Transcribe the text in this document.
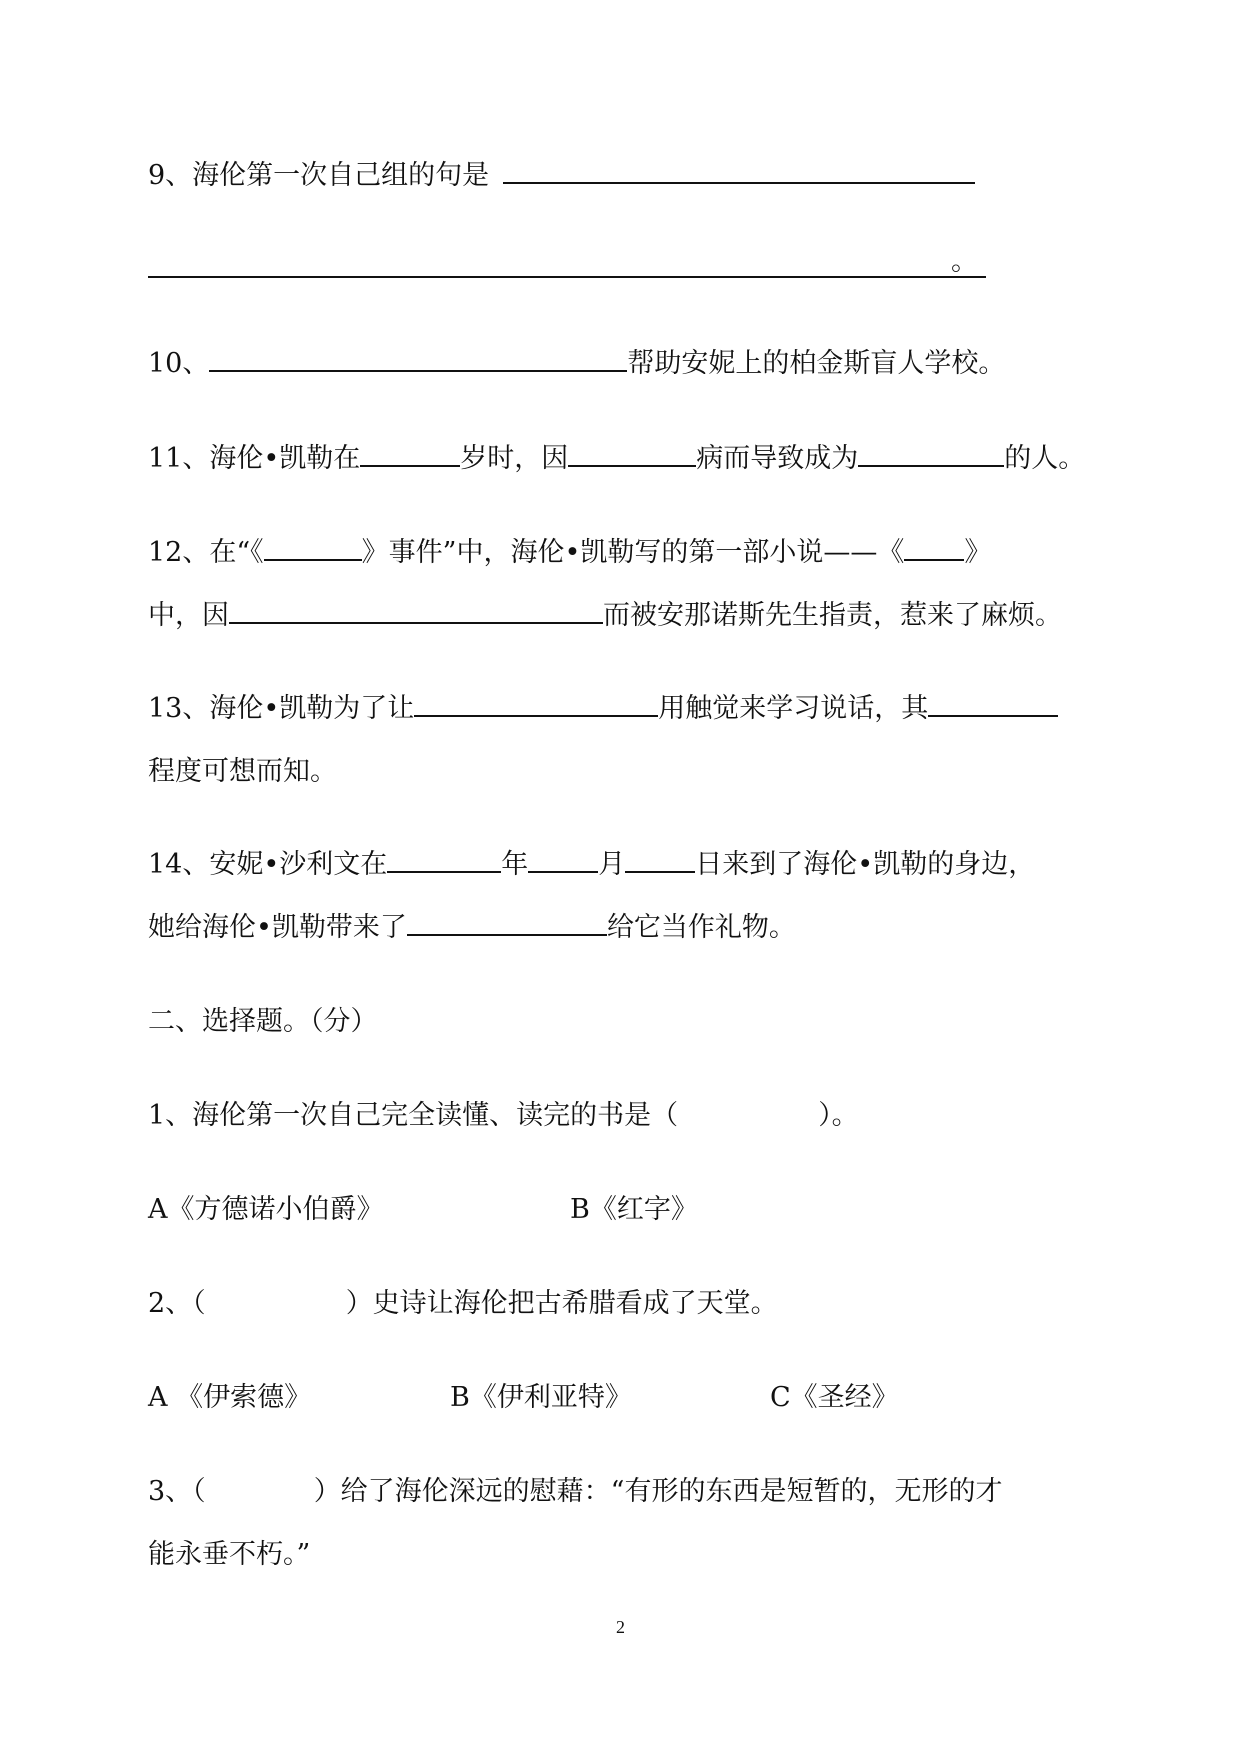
9、海伦第一次自己组的句是
。
10、	帮助安妮上的柏金斯盲人学校。
11、海伦•凯勒在	岁时，因	病而导致成为	的人。
12、在“《	》事件”中，海伦•凯勒写的第一部小说——《 》
中，因	而被安那诺斯先生指责，惹来了麻烦。
13、海伦•凯勒为了让	用触觉来学习说话，其
程度可想而知。
14、安妮•沙利文在	年	月	日来到了海伦•凯勒的身边，
她给海伦•凯勒带来了	给它当作礼物。
二、选择题。（分）
1、海伦第一次自己完全读懂、读完的书是（	）。
A《方德诺小伯爵》	B《红字》
2、（	）史诗让海伦把古希腊看成了天堂。
A 《伊索德》	B《伊利亚特》	C《圣经》
3、（	）给了海伦深远的慰藉：“有形的东西是短暂的，无形的才
能永垂不朽。”
2
